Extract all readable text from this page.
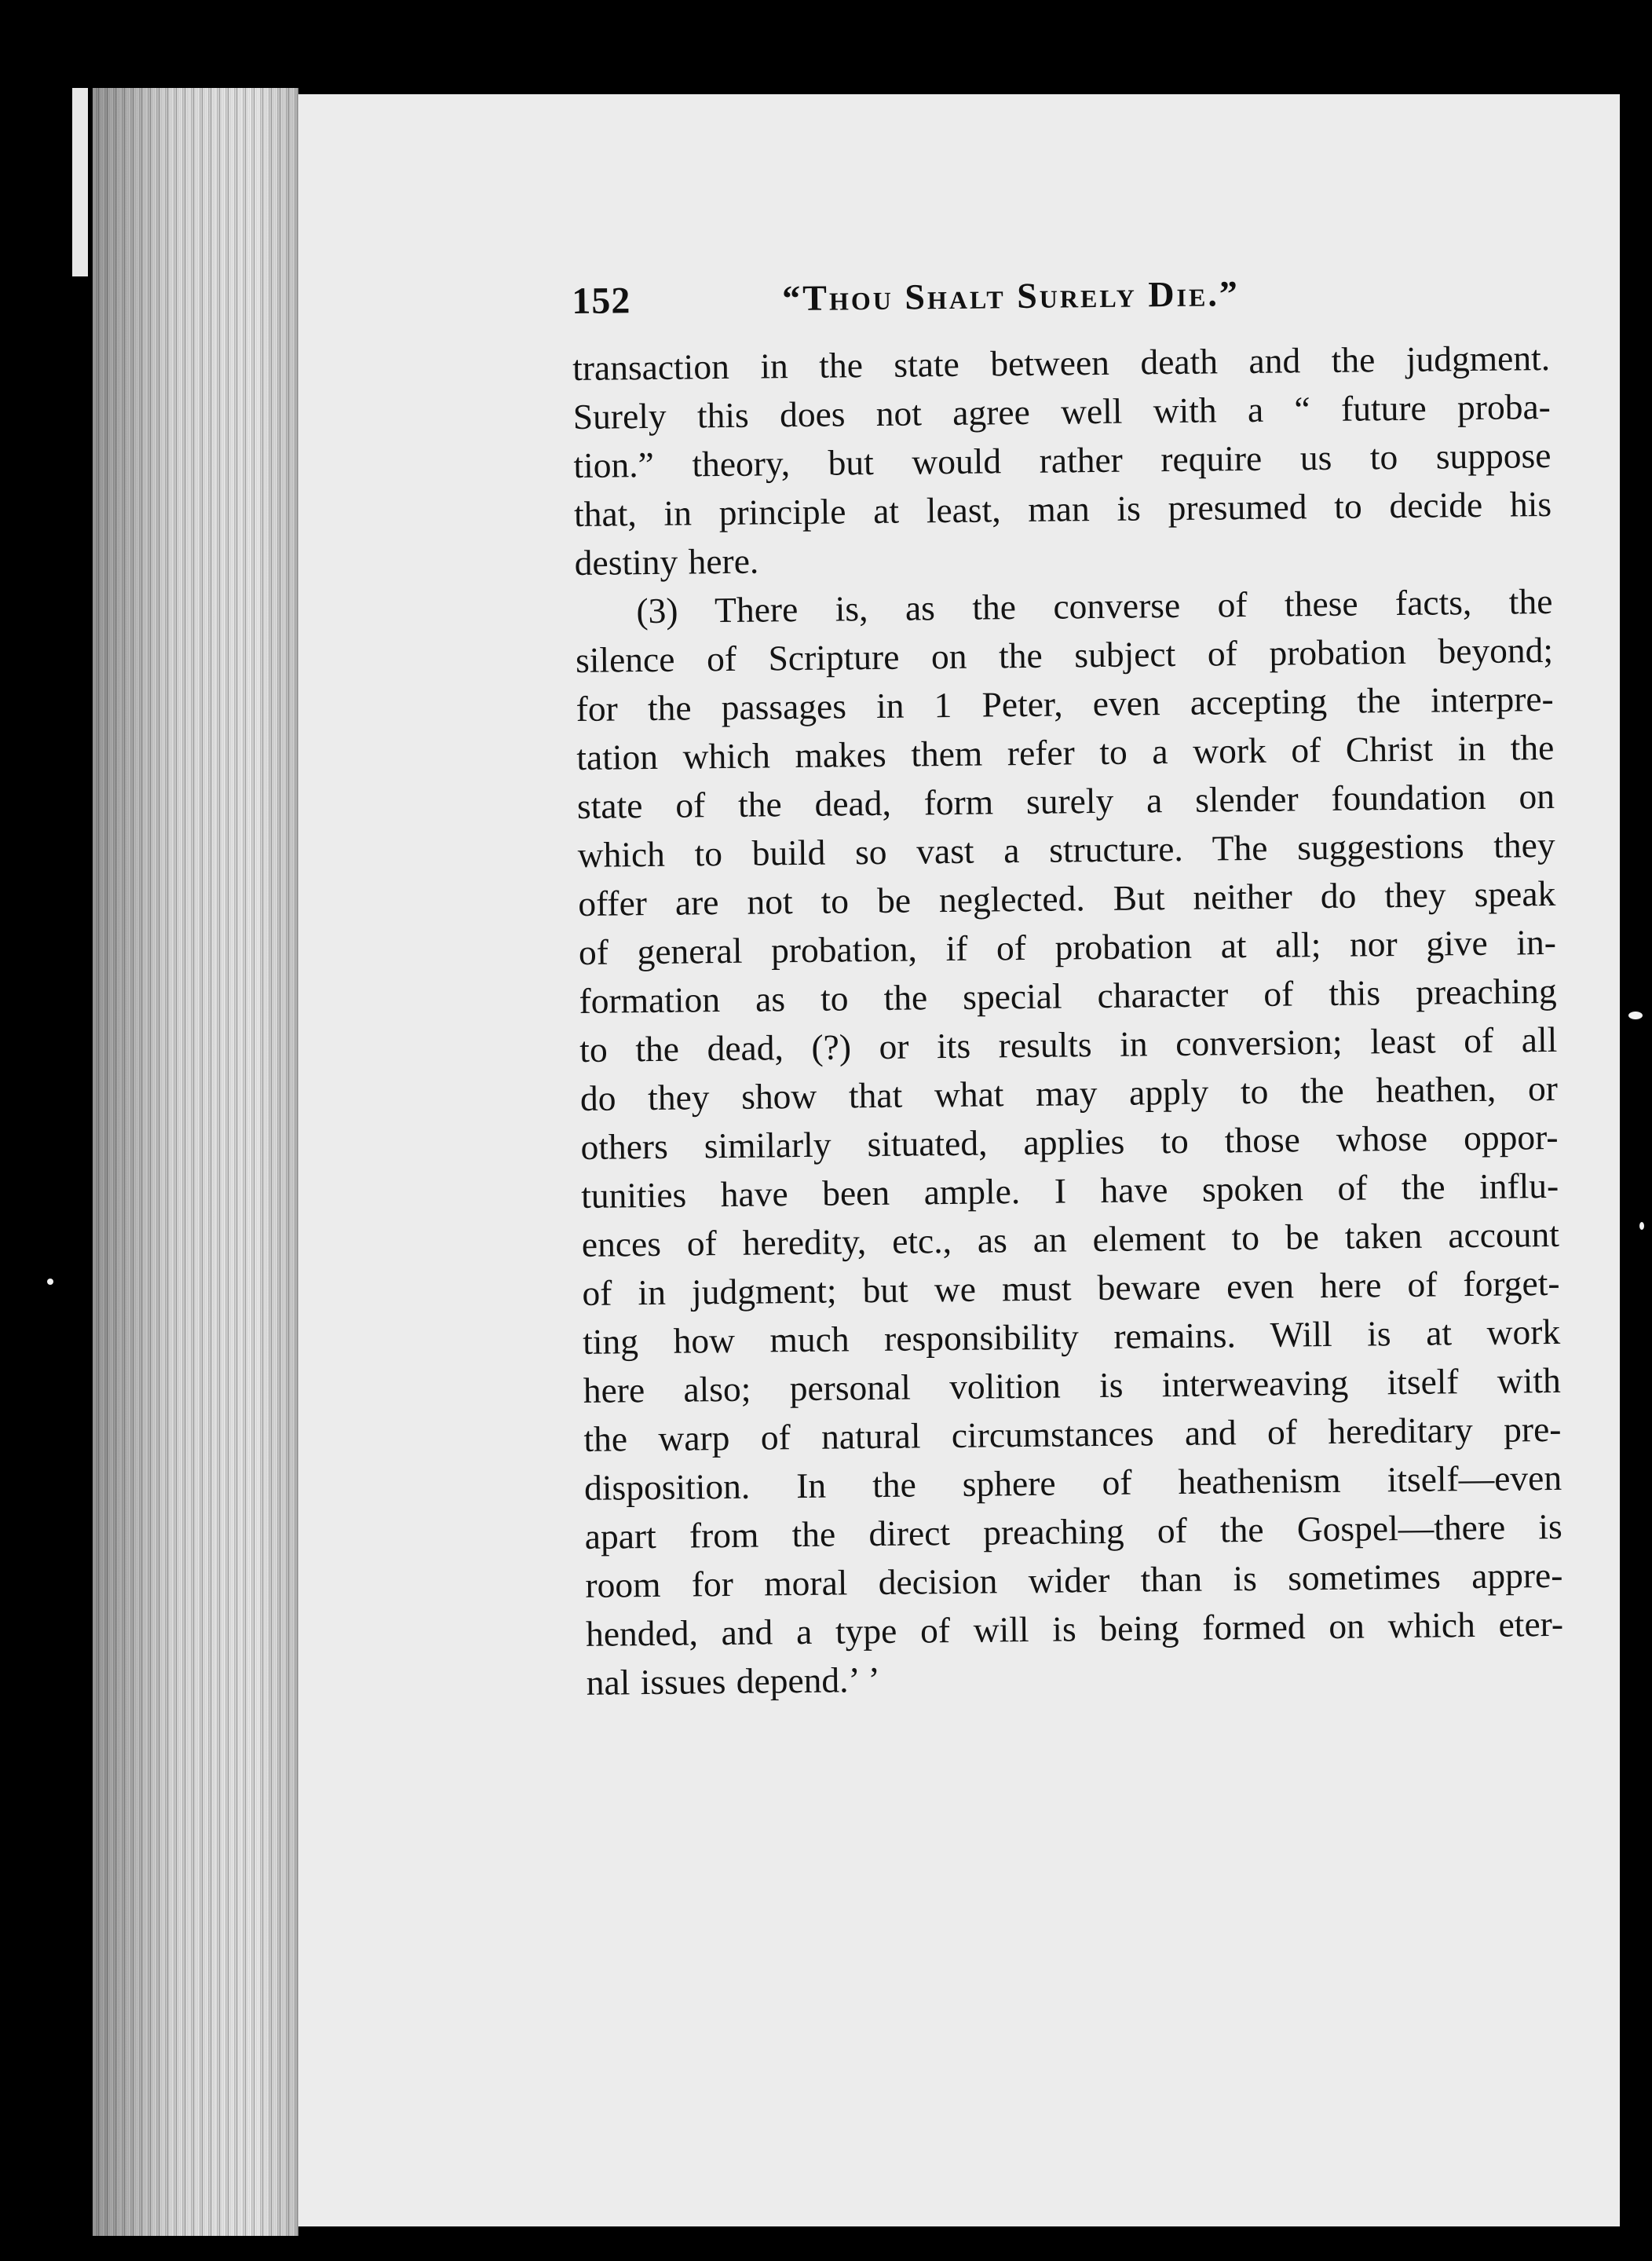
152	“Thou Shalt Surely Die.”
transaction in the state between death and the judgment.
Surely this does not agree well with a “ future proba-
tion.” theory, but would rather require us to suppose
that, in principle at least, man is presumed to decide his
destiny here.
(3) There is, as the converse of these facts, the
silence of Scripture on the subject of probation beyond;
for the passages in 1 Peter, even accepting the interpre-
tation which makes them refer to a work of Christ in the
state of the dead, form surely a slender foundation on
which to build so vast a structure. The suggestions they
offer are not to be neglected. But neither do they speak
of general probation, if of probation at all; nor give in-
formation as to the special character of this preaching
to the dead, (?) or its results in conversion; least of all
do they show that what may apply to the heathen, or
others similarly situated, applies to those whose oppor-
tunities have been ample. I have spoken of the influ-
ences of heredity, etc., as an element to be taken account
of in judgment; but we must beware even here of forget-
ting how much responsibility remains. Will is at work
here also; personal volition is interweaving itself with
the warp of natural circumstances and of hereditary pre-
disposition. In the sphere of heathenism itself—even
apart from the direct preaching of the Gospel—there is
room for moral decision wider than is sometimes appre-
hended, and a type of will is being formed on which eter-
nal issues depend.’ ’
